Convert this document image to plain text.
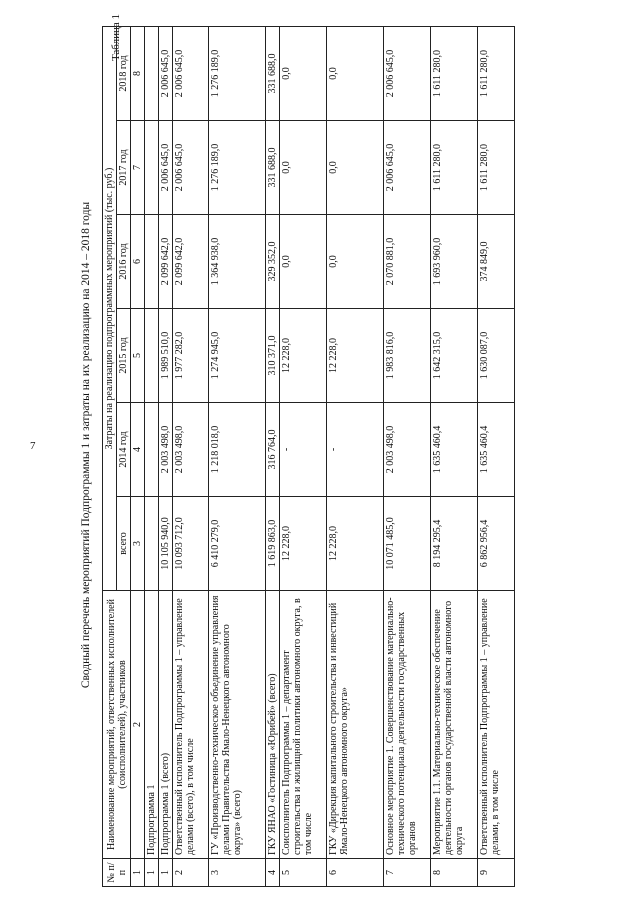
7
Таблица 1
Сводный перечень мероприятий Подпрограммы 1 и затраты на их реализацию на 2014 – 2018 годы
№ п/п	Наименование мероприятий, ответственных исполнителей (соисполнителей), участников	Затраты на реализацию подпрограммных мероприятий (тыс. руб.)					
		всего	2014 год	2015 год	2016 год	2017 год	2018 год
1	2	3	4	5	6	7	8
1	Подпрограмма 1						
1	Подпрограмма 1 (всего)	10 105 940,0	2 003 498,0	1 989 510,0	2 099 642,0	2 006 645,0	2 006 645,0
2	Ответственный исполнитель Подпрограммы 1 – управление делами (всего), в том числе	10 093 712,0	2 003 498,0	1 977 282,0	2 099 642,0	2 006 645,0	2 006 645,0
3	ГУ «Производственно-техническое объединение управления делами Правительства Ямало-Ненецкого автономного округа» (всего)	6 410 279,0	1 218 018,0	1 274 945,0	1 364 938,0	1 276 189,0	1 276 189,0
4	ГКУ ЯНАО «Гостиница «Юрибей» (всего)	1 619 863,0	316 764,0	310 371,0	329 352,0	331 688,0	331 688,0
5	Соисполнитель Подпрограммы 1 – департамент строительства и жилищной политики автономного округа, в том числе	12 228,0	-	12 228,0	0,0	0,0	0,0
6	ГКУ «Дирекция капитального строительства и инвестиций Ямало-Ненецкого автономного округа»	12 228,0	-	12 228,0	0,0	0,0	0,0
7	Основное мероприятие 1. Совершенствование материально-технического потенциала деятельности государственных органов	10 071 485,0	2 003 498,0	1 983 816,0	2 070 881,0	2 006 645,0	2 006 645,0
8	Мероприятие 1.1. Материально-техническое обеспечение деятельности органов государственной власти автономного округа	8 194 295,4	1 635 460,4	1 642 315,0	1 693 960,0	1 611 280,0	1 611 280,0
9	Ответственный исполнитель Подпрограммы 1 – управление делами, в том числе	6 862 956,4	1 635 460,4	1 630 087,0	374 849,0	1 611 280,0	1 611 280,0
